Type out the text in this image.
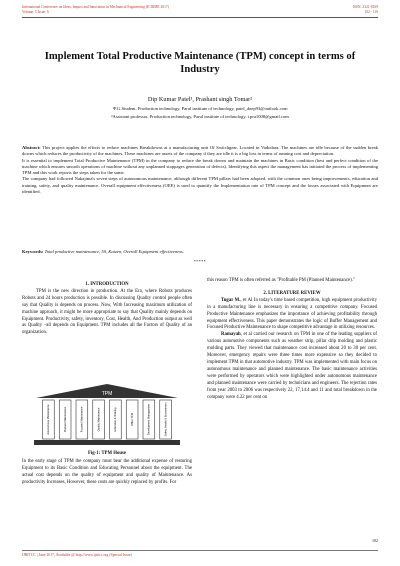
International Conference on Ideas, Impact and Innovation in Mechanical Engineering (ICIIIME 2017)
Volume: 5 Issue: 6
ISSN: 2321-8169
102 - 110
Implement Total Productive Maintenance (TPM) concept in terms of Industry
Dip Kumar Patel¹, Prashant singh Tomar²
¹P.G.Student, Production technology, Parul institute of technology, patel_deep93@outlook.com
²Assistant professor, Production technology, Parul institute of technology, t.pra1008@gmail.com

Abstract: This project applies the efforts to reduce machines Breakdowns at a manufacturing unit Of Switchgear, Located in Vadodara. The machines are idle because of the sudden break downs which reduces the productivity of the machines. These machines are assets of the company if they are idle it is a big loss in terms of running cost and depreciation.

It is essential to implement Total Productive Maintenance (TPM) in the company to reduce the break downs and maintain the machines in Basic condition (best and perfect condition of the machine which ensures smooth operations of machine without any unplanned stoppages generation of defects). Identifying this aspect the management has initiated the process of implementing TPM and this work reports the steps taken for the same.

The company had followed Nakajima's seven steps of autonomous maintenance, although different TPM pillars had been adopted, with the common ones being improvements, education and training, safety, and quality maintenance. Overall equipment effectiveness (OEE) is used to quantify the Implementation rate of TPM concept and the losses associated with Equipment are identified.

Keywords: Total productive maintenance, 5S, Kaizen, Overall Equipment effectiveness.
*****
1. INTRODUCTION

TPM is the new direction in production. At the Era, where Robots produces Robots and 24 hours production is possible. In discussing Quality control people often say that Quality is depends on process. Now, With Increasing maximum utilization of machine approach, it might be more appropriate to say that Quality mainly depends on Equipment. Productivity, safety, inventory, Cost, Health, And Production output as well as Quality –all depends on Equipment. TPM includes all the Factors of Quality of an organization.

TPM
Autonomous Maintenance	Planned Maintenance	Focused Maintenance	Quality Maintenance	Education & Training	Office TPM	Development Management	Safety, Health & Environment
Fig-1: TPM House

In the early stage of TPM the company must bear the additional expense of restoring Equipment to its Basic Condition and Educating Personnel about the equipment. The actual cost depends on the quality of equipment and quality of Maintenance. As productivity Increases, However, these costs are quickly replaced by profits. For

this reason TPM is often referred as "Profitable PM (Planned Maintenance)."

2. LITERATURE REVIEW

Tugar M., et Al In today's time based competition, high equipment productivity in a manufacturing line is necessary in ensuring a competitive company. Focused Productive Maintenance emphasizes the importance of achieving profitability through equipment effectiveness. This paper demonstrates the logic of Buffer Management and Focused Productive Maintenance to shape competitive advantage in utilizing resources.

Ramayah, et al carried our research on TPM in one of the leading suppliers of various automotive components such as weather strip, pillar drip molding and plastic molding parts. They viewed that maintenance cost increased about 20 to 30 per cent. Moreover, emergency repairs were three times more expensive so they decided to implement TPM in that automotive industry. TPM was implemented with main focus on autonomous maintenance and planned maintenance. The basic maintenance activities were performed by operators which were highlighted under autonomous maintenance and planned maintenance were carried by technicians and engineers. The rejection rates from year 2003 to 2006 was respectively 22, 17,14.4 and 11 and total breakdown in the company were 4.22 per cent on

102
IJRITCC | June 2017, Available @ http://www.ijritcc.org (Special Issue)
